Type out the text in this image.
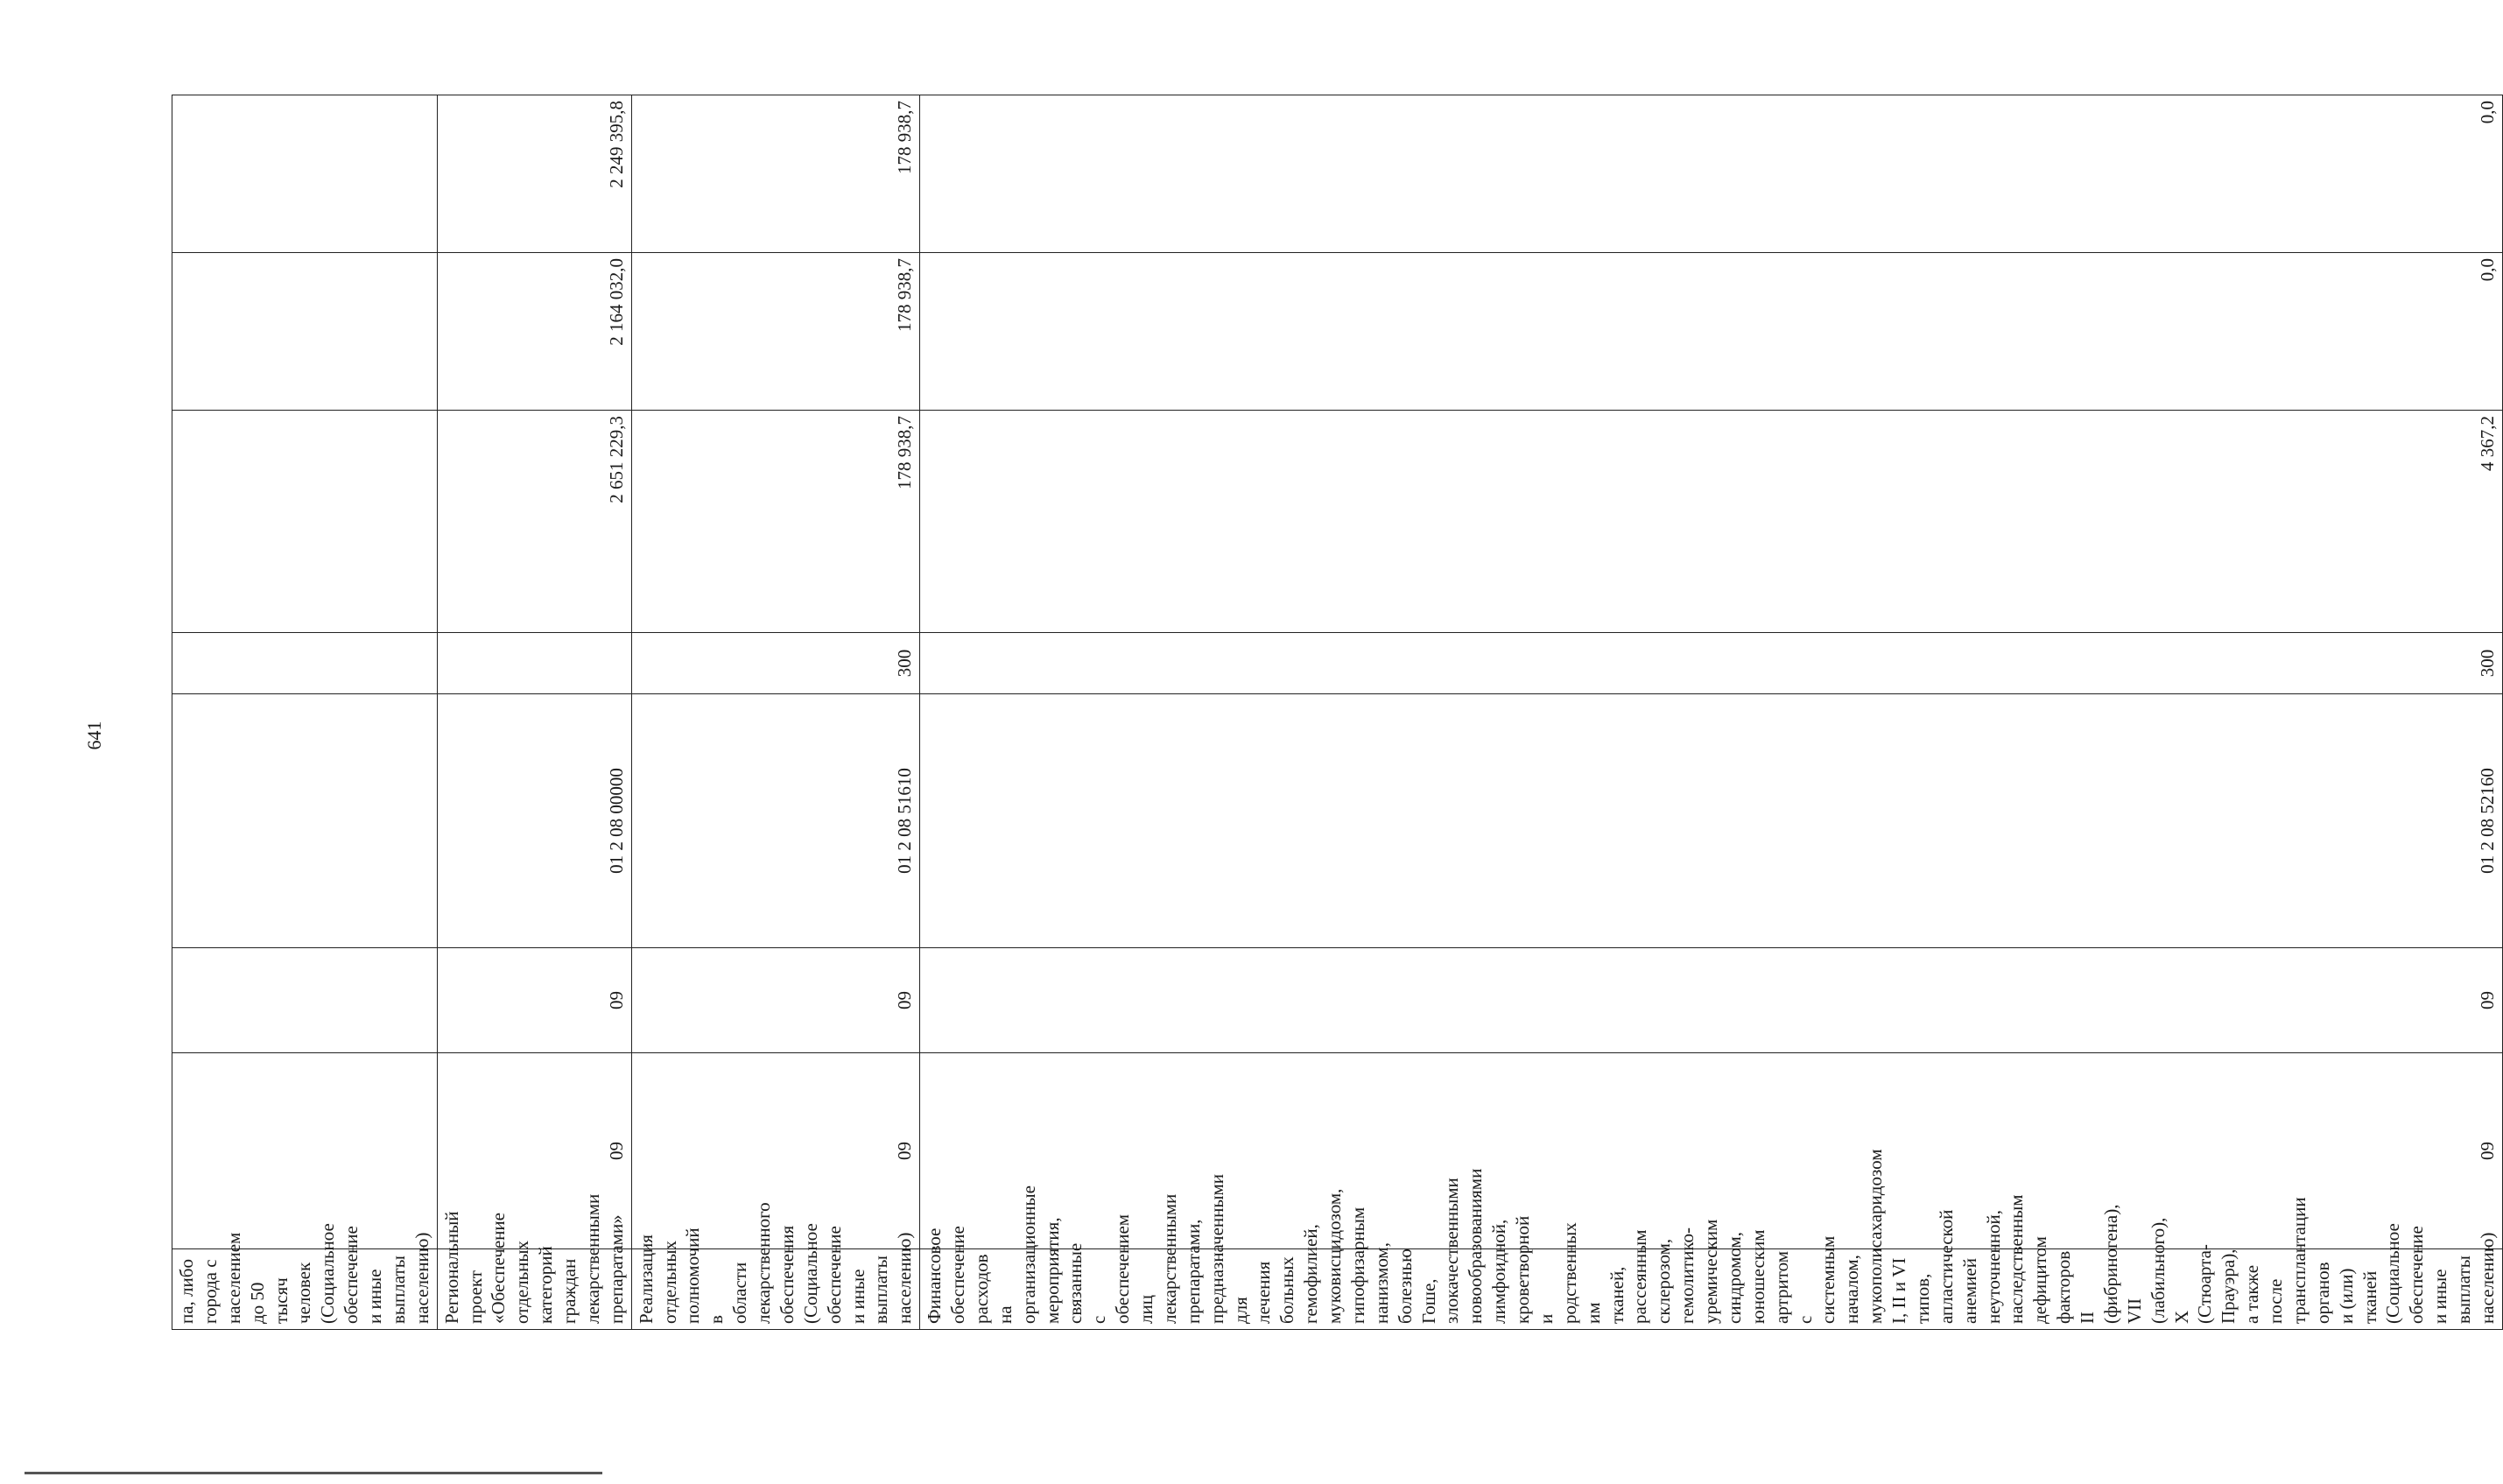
641
па, либо города с населением до 50 тысяч человек (Социальное обеспечение и иные выплаты населению)							
Региональный проект «Обеспечение отдельных категорий граждан лекарственными препаратами»	09	09	01 2 08 00000		2 651 229,3	2 164 032,0	2 249 395,8
Реализация отдельных полномочий в области лекарственного обеспечения (Социальное обеспечение и иные выплаты населению)	09	09	01 2 08 51610	300	178 938,7	178 938,7	178 938,7
Финансовое обеспечение расходов на организационные мероприятия, связанные с обеспечением лиц лекарственными препаратами, предназначенными для лечения больных гемофилией, муковисцидозом, гипофизарным нанизмом, болезнью Гоше, злокачественными новообразованиями лимфоидной, кроветворной и родственных им тканей, рассеянным склерозом, гемолитико-уремическим синдромом, юношеским артритом с системным началом, мукополисахаридозом I, II и VI типов, апластической анемией неуточненной, наследственным дефицитом факторов II (фибриногена), VII (лабильного), X (Стюарта-Прауэра), а также после трансплантации органов и (или) тканей (Социальное обеспечение и иные выплаты населению)	09	09	01 2 08 52160	300	4 367,2	0,0	0,0
